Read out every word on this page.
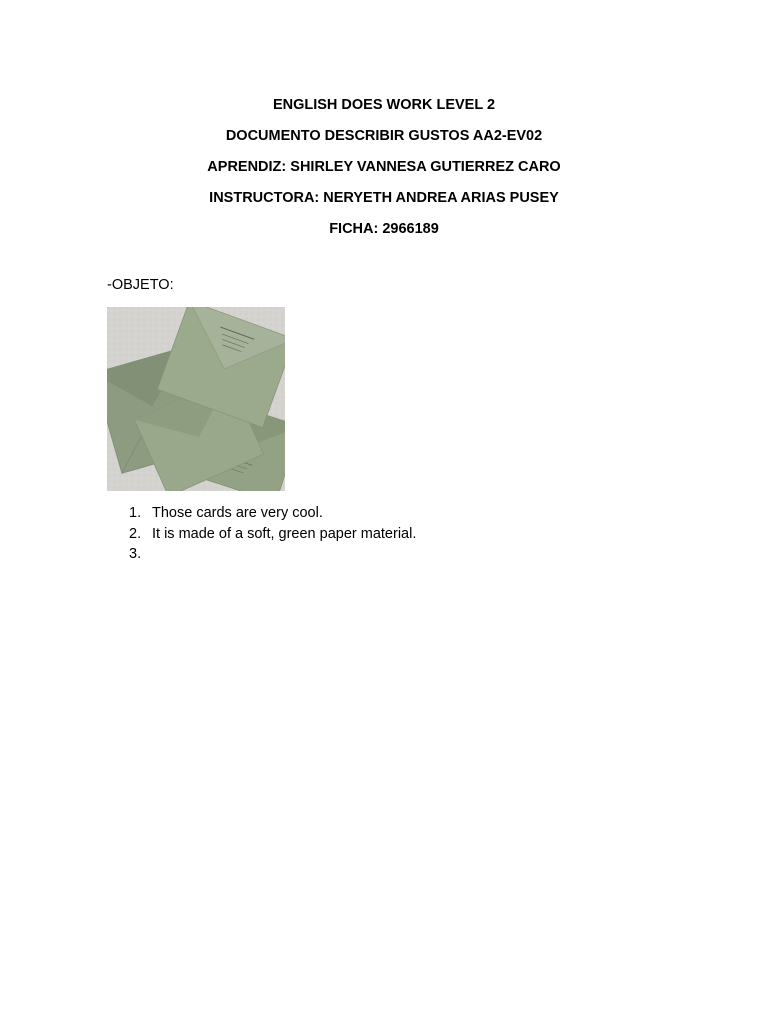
ENGLISH DOES WORK LEVEL 2
DOCUMENTO DESCRIBIR GUSTOS AA2-EV02
APRENDIZ: SHIRLEY VANNESA GUTIERREZ CARO
INSTRUCTORA: NERYETH ANDREA ARIAS PUSEY
FICHA: 2966189
-OBJETO:
1. Those cards are very cool.
2. It is made of a soft, green paper material.
3.
